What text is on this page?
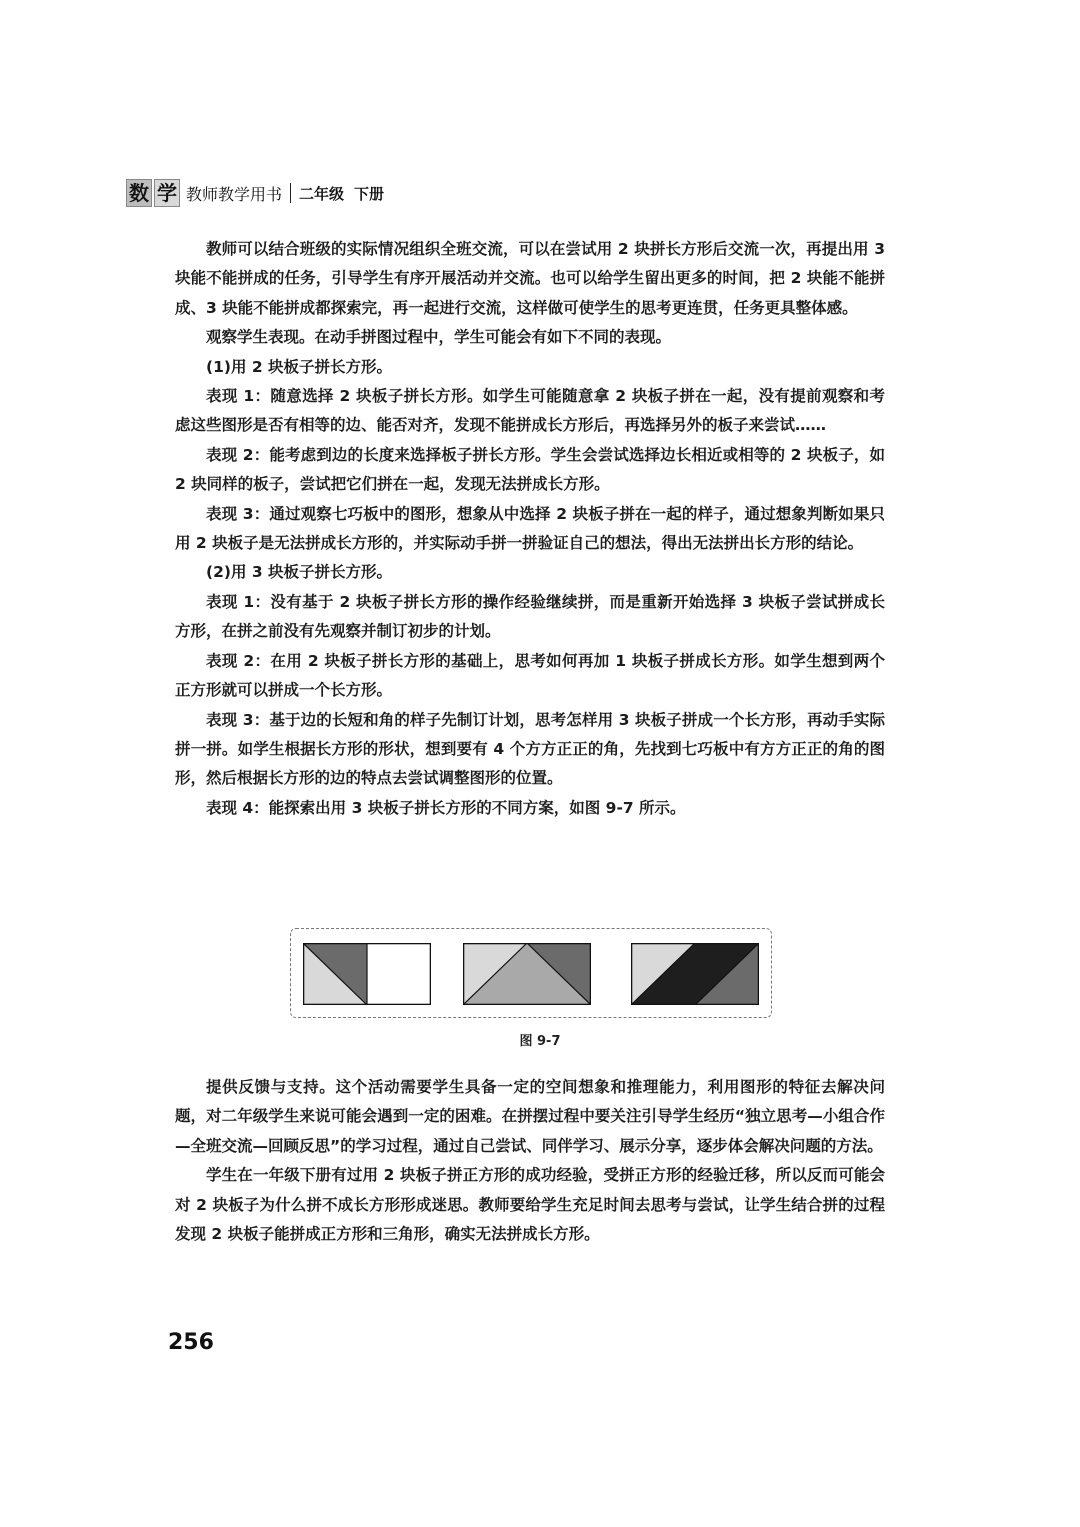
数 学 教师教学用书 二年级 下册

教师可以结合班级的实际情况组织全班交流，可以在尝试用 2 块拼长方形后交流一次，再提出用 3 块能不能拼成的任务，引导学生有序开展活动并交流。也可以给学生留出更多的时间，把 2 块能不能拼成、3 块能不能拼成都探索完，再一起进行交流，这样做可使学生的思考更连贯，任务更具整体感。

观察学生表现。在动手拼图过程中，学生可能会有如下不同的表现。

(1)用 2 块板子拼长方形。

表现 1：随意选择 2 块板子拼长方形。如学生可能随意拿 2 块板子拼在一起，没有提前观察和考虑这些图形是否有相等的边、能否对齐，发现不能拼成长方形后，再选择另外的板子来尝试……

表现 2：能考虑到边的长度来选择板子拼长方形。学生会尝试选择边长相近或相等的 2 块板子，如 2 块同样的板子，尝试把它们拼在一起，发现无法拼成长方形。

表现 3：通过观察七巧板中的图形，想象从中选择 2 块板子拼在一起的样子，通过想象判断如果只用 2 块板子是无法拼成长方形的，并实际动手拼一拼验证自己的想法，得出无法拼出长方形的结论。

(2)用 3 块板子拼长方形。

表现 1：没有基于 2 块板子拼长方形的操作经验继续拼，而是重新开始选择 3 块板子尝试拼成长方形，在拼之前没有先观察并制订初步的计划。

表现 2：在用 2 块板子拼长方形的基础上，思考如何再加 1 块板子拼成长方形。如学生想到两个正方形就可以拼成一个长方形。

表现 3：基于边的长短和角的样子先制订计划，思考怎样用 3 块板子拼成一个长方形，再动手实际拼一拼。如学生根据长方形的形状，想到要有 4 个方方正正的角，先找到七巧板中有方方正正的角的图形，然后根据长方形的边的特点去尝试调整图形的位置。

表现 4：能探索出用 3 块板子拼长方形的不同方案，如图 9-7 所示。

图 9-7

提供反馈与支持。这个活动需要学生具备一定的空间想象和推理能力，利用图形的特征去解决问题，对二年级学生来说可能会遇到一定的困难。在拼摆过程中要关注引导学生经历“独立思考—小组合作—全班交流—回顾反思”的学习过程，通过自己尝试、同伴学习、展示分享，逐步体会解决问题的方法。

学生在一年级下册有过用 2 块板子拼正方形的成功经验，受拼正方形的经验迁移，所以反而可能会对 2 块板子为什么拼不成长方形形成迷思。教师要给学生充足时间去思考与尝试，让学生结合拼的过程发现 2 块板子能拼成正方形和三角形，确实无法拼成长方形。

256
